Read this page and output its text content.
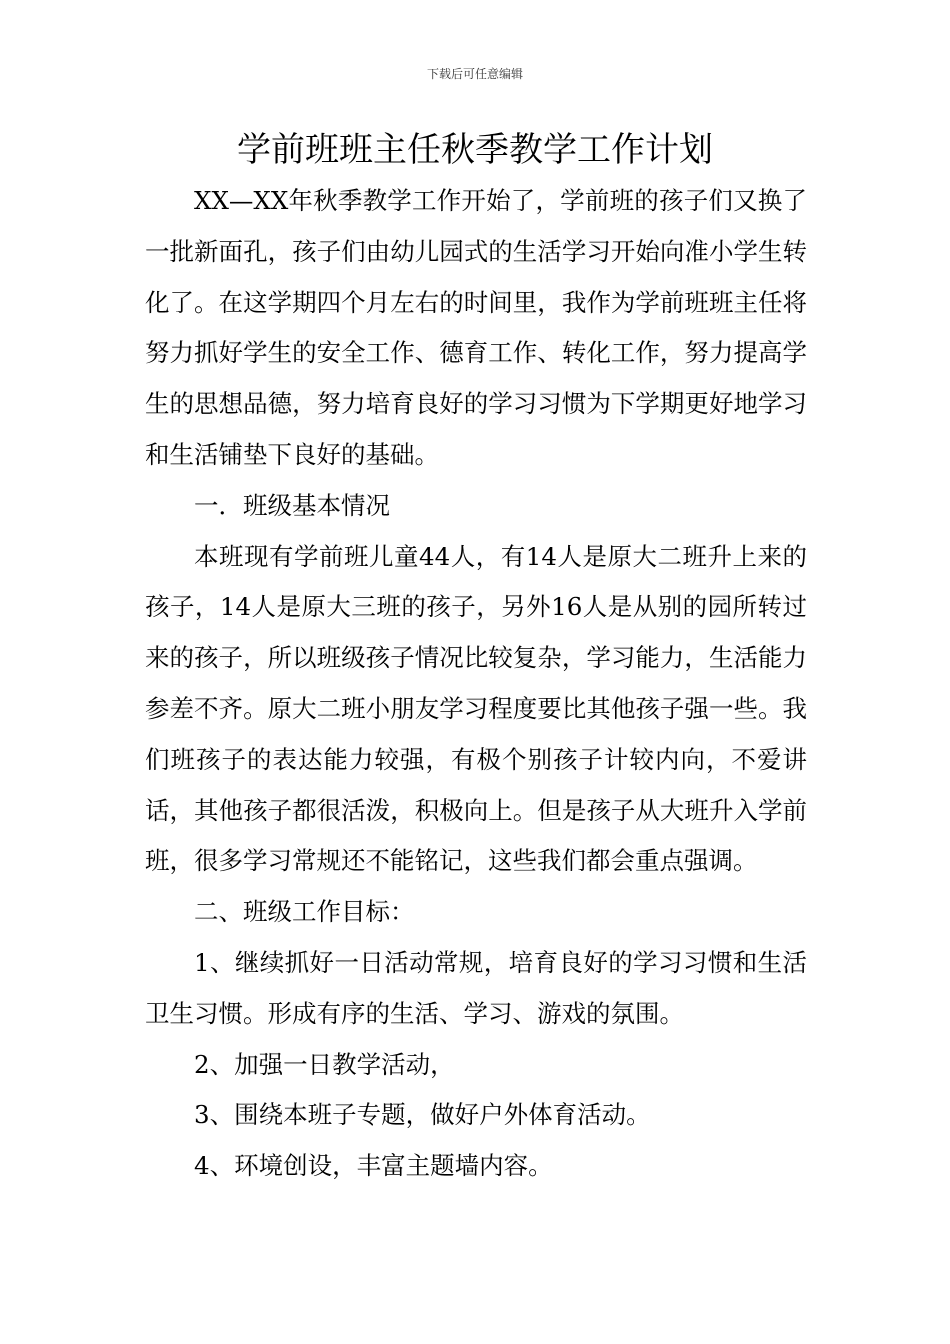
下载后可任意编辑
学前班班主任秋季教学工作计划

XX—XX年秋季教学工作开始了，学前班的孩子们又换了一批新面孔，孩子们由幼儿园式的生活学习开始向准小学生转化了。在这学期四个月左右的时间里，我作为学前班班主任将努力抓好学生的安全工作、德育工作、转化工作，努力提高学生的思想品德，努力培育良好的学习习惯为下学期更好地学习和生活铺垫下良好的基础。

一．班级基本情况

本班现有学前班儿童44人，有14人是原大二班升上来的孩子，14人是原大三班的孩子，另外16人是从别的园所转过来的孩子，所以班级孩子情况比较复杂，学习能力，生活能力参差不齐。原大二班小朋友学习程度要比其他孩子强一些。我们班孩子的表达能力较强，有极个别孩子计较内向，不爱讲话，其他孩子都很活泼，积极向上。但是孩子从大班升入学前班，很多学习常规还不能铭记，这些我们都会重点强调。

二、班级工作目标：

1、继续抓好一日活动常规，培育良好的学习习惯和生活卫生习惯。形成有序的生活、学习、游戏的氛围。

2、加强一日教学活动，

3、围绕本班子专题，做好户外体育活动。

4、环境创设，丰富主题墙内容。
